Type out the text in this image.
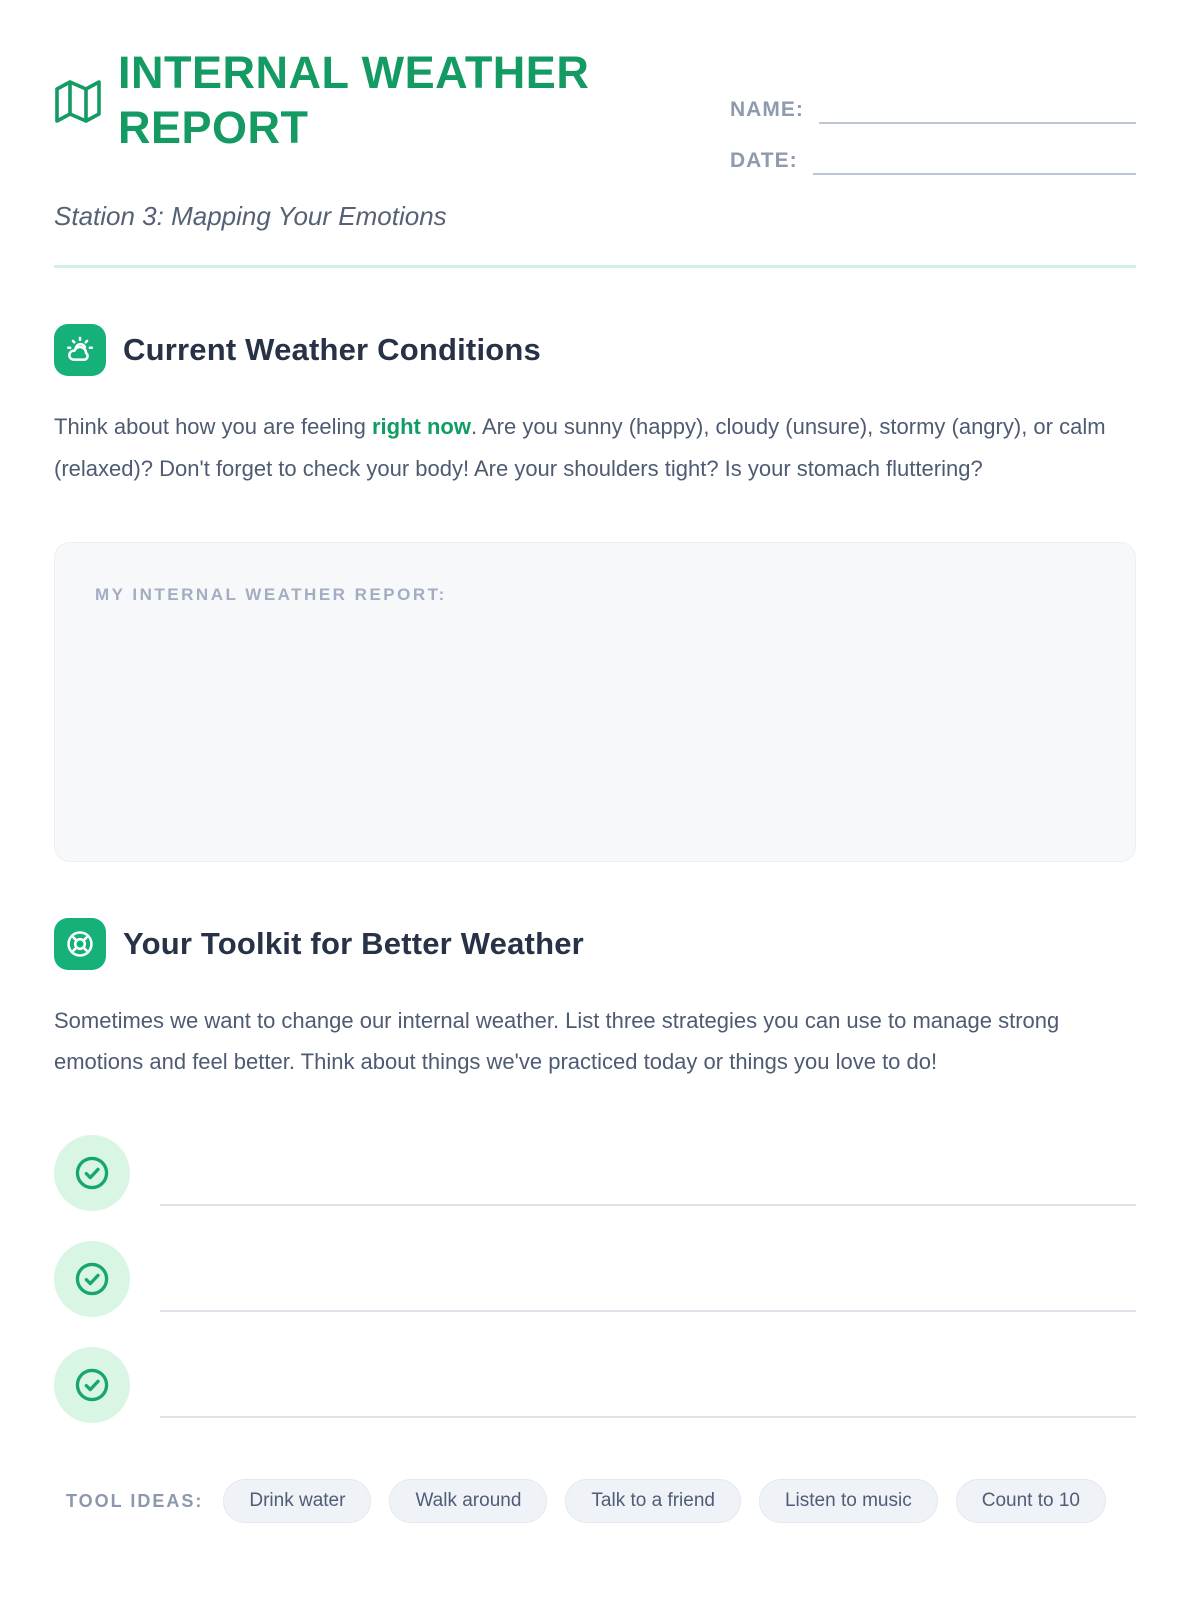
INTERNAL WEATHER REPORT	NAME:
DATE:
Station 3: Mapping Your Emotions
Current Weather Conditions

Think about how you are feeling right now. Are you sunny (happy), cloudy (unsure), stormy (angry), or calm (relaxed)? Don't forget to check your body! Are your shoulders tight? Is your stomach fluttering?

MY INTERNAL WEATHER REPORT:
Your Toolkit for Better Weather

Sometimes we want to change our internal weather. List three strategies you can use to manage strong emotions and feel better. Think about things we've practiced today or things you love to do!

TOOL IDEAS:	Drink water	Walk around	Talk to a friend	Listen to music	Count to 10
